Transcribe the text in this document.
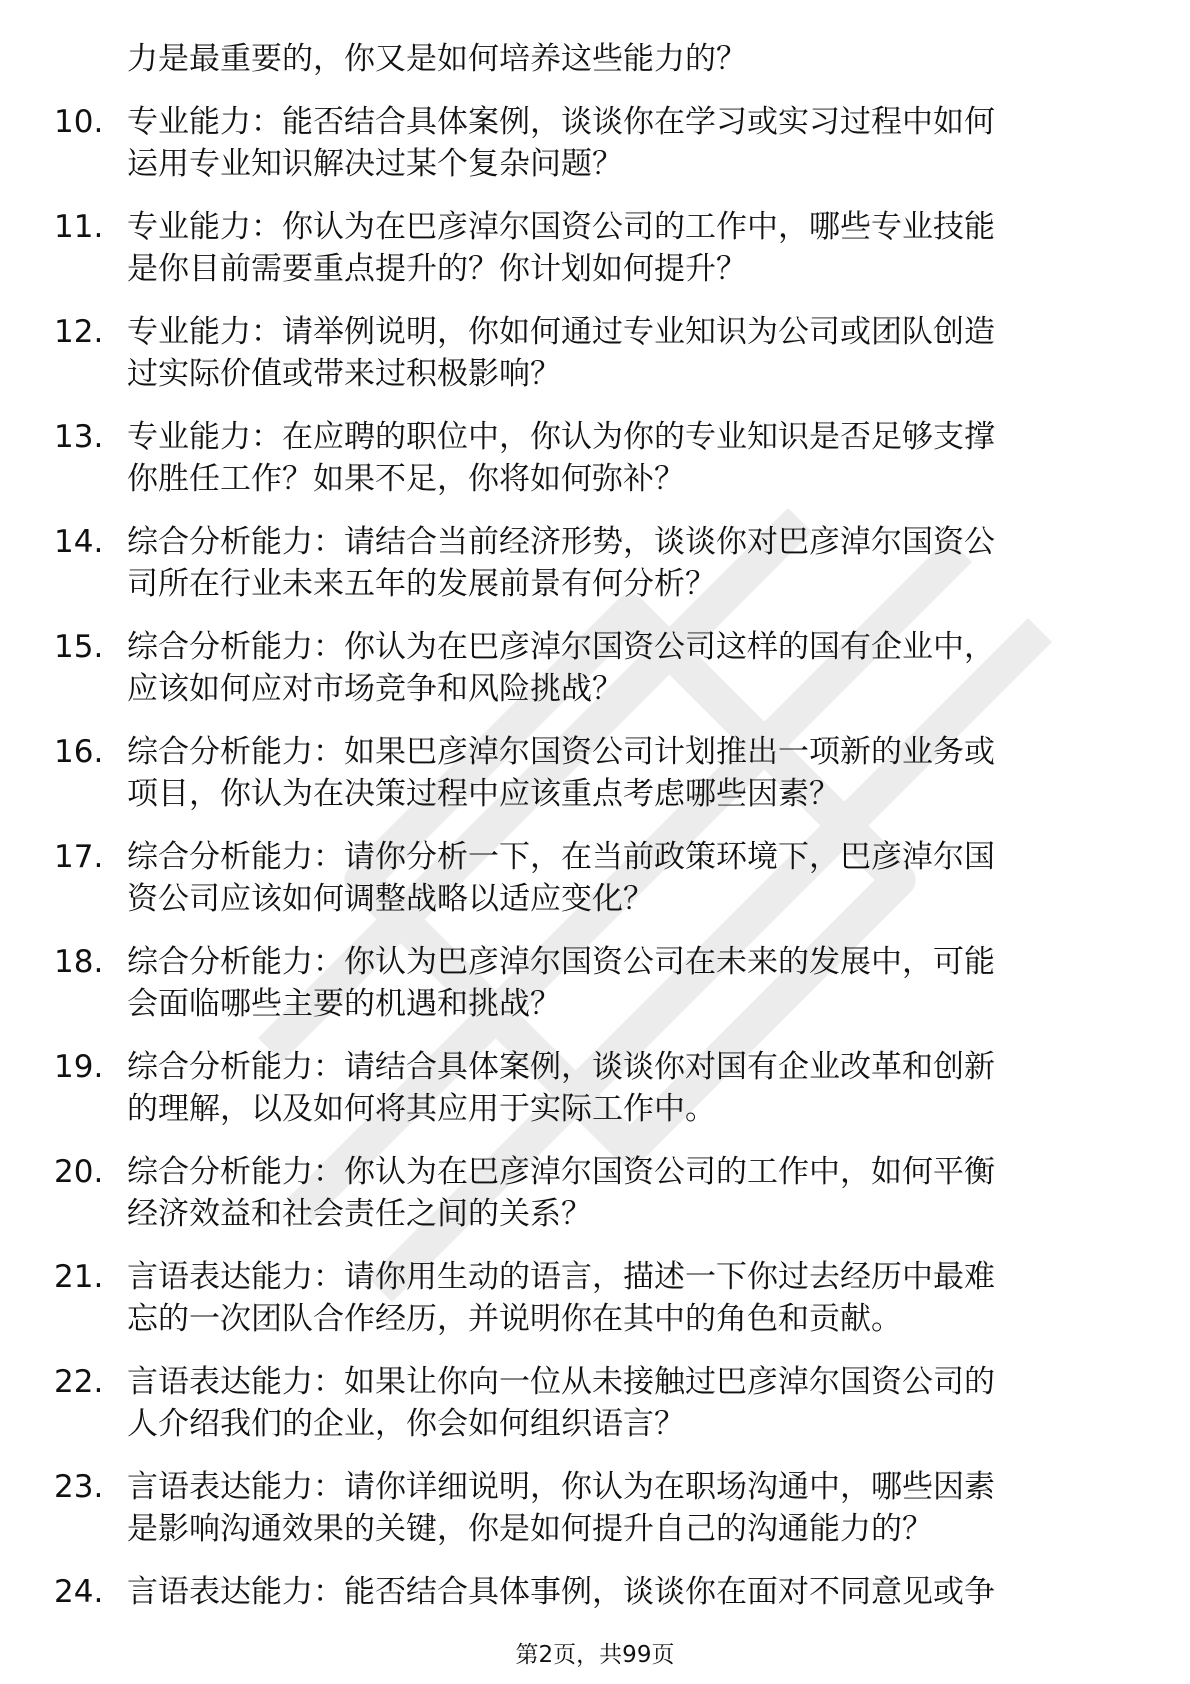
力是最重要的，你又是如何培养这些能力的？
10. 专业能力：能否结合具体案例，谈谈你在学习或实习过程中如何
运用专业知识解决过某个复杂问题？
11. 专业能力：你认为在巴彦淖尔国资公司的工作中，哪些专业技能
是你目前需要重点提升的？你计划如何提升？
12. 专业能力：请举例说明，你如何通过专业知识为公司或团队创造
过实际价值或带来过积极影响？
13. 专业能力：在应聘的职位中，你认为你的专业知识是否足够支撑
你胜任工作？如果不足，你将如何弥补？
14. 综合分析能力：请结合当前经济形势，谈谈你对巴彦淖尔国资公
司所在行业未来五年的发展前景有何分析？
15. 综合分析能力：你认为在巴彦淖尔国资公司这样的国有企业中，
应该如何应对市场竞争和风险挑战？
16. 综合分析能力：如果巴彦淖尔国资公司计划推出一项新的业务或
项目，你认为在决策过程中应该重点考虑哪些因素？
17. 综合分析能力：请你分析一下，在当前政策环境下，巴彦淖尔国
资公司应该如何调整战略以适应变化？
18. 综合分析能力：你认为巴彦淖尔国资公司在未来的发展中，可能
会面临哪些主要的机遇和挑战？
19. 综合分析能力：请结合具体案例，谈谈你对国有企业改革和创新
的理解，以及如何将其应用于实际工作中。
20. 综合分析能力：你认为在巴彦淖尔国资公司的工作中，如何平衡
经济效益和社会责任之间的关系？
21. 言语表达能力：请你用生动的语言，描述一下你过去经历中最难
忘的一次团队合作经历，并说明你在其中的角色和贡献。
22. 言语表达能力：如果让你向一位从未接触过巴彦淖尔国资公司的
人介绍我们的企业，你会如何组织语言？
23. 言语表达能力：请你详细说明，你认为在职场沟通中，哪些因素
是影响沟通效果的关键，你是如何提升自己的沟通能力的？
24. 言语表达能力：能否结合具体事例，谈谈你在面对不同意见或争
第2页，共99页
